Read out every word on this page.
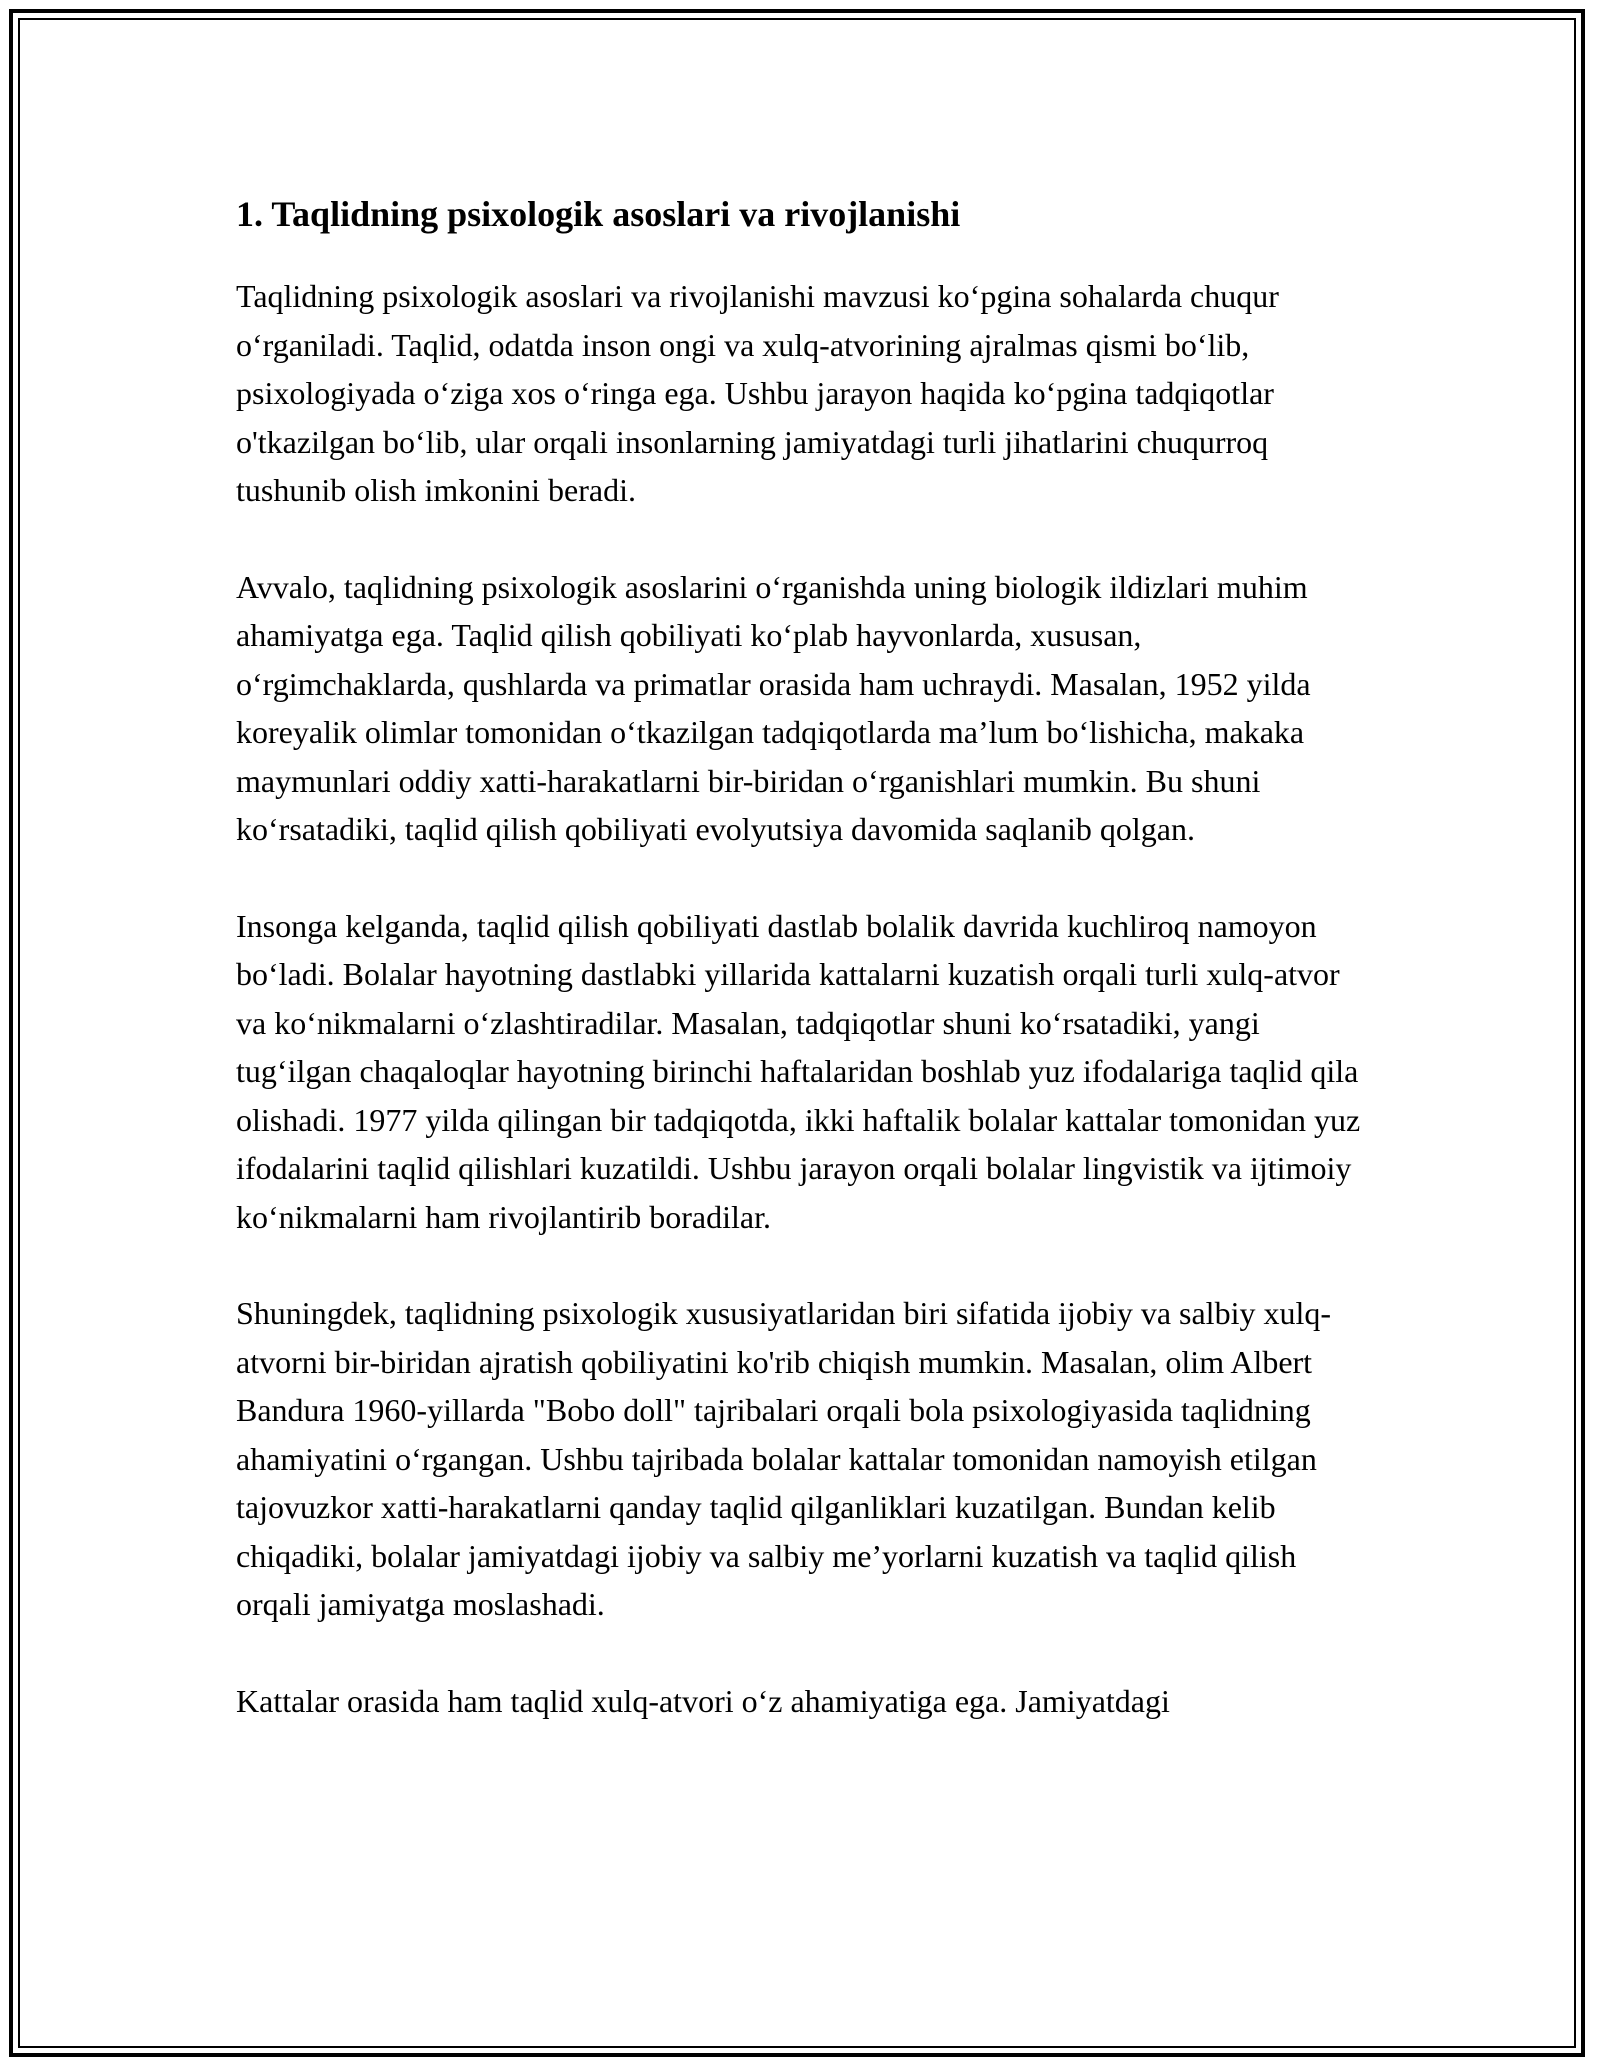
1. Taqlidning psixologik asoslari va rivojlanishi

Taqlidning psixologik asoslari va rivojlanishi mavzusi koʻpgina sohalarda chuqur oʻrganiladi. Taqlid, odatda inson ongi va xulq-atvorining ajralmas qismi boʻlib, psixologiyada oʻziga xos oʻringa ega. Ushbu jarayon haqida koʻpgina tadqiqotlar o'tkazilgan boʻlib, ular orqali insonlarning jamiyatdagi turli jihatlarini chuqurroq tushunib olish imkonini beradi.

Avvalo, taqlidning psixologik asoslarini oʻrganishda uning biologik ildizlari muhim ahamiyatga ega. Taqlid qilish qobiliyati koʻplab hayvonlarda, xususan, oʻrgimchaklarda, qushlarda va primatlar orasida ham uchraydi. Masalan, 1952 yilda koreyalik olimlar tomonidan oʻtkazilgan tadqiqotlarda maʼlum boʻlishicha, makaka maymunlari oddiy xatti-harakatlarni bir-biridan oʻrganishlari mumkin. Bu shuni koʻrsatadiki, taqlid qilish qobiliyati evolyutsiya davomida saqlanib qolgan.

Insonga kelganda, taqlid qilish qobiliyati dastlab bolalik davrida kuchliroq namoyon boʻladi. Bolalar hayotning dastlabki yillarida kattalarni kuzatish orqali turli xulq-atvor va koʻnikmalarni oʻzlashtiradilar. Masalan, tadqiqotlar shuni koʻrsatadiki, yangi tugʻilgan chaqaloqlar hayotning birinchi haftalaridan boshlab yuz ifodalariga taqlid qila olishadi. 1977 yilda qilingan bir tadqiqotda, ikki haftalik bolalar kattalar tomonidan yuz ifodalarini taqlid qilishlari kuzatildi. Ushbu jarayon orqali bolalar lingvistik va ijtimoiy koʻnikmalarni ham rivojlantirib boradilar.

Shuningdek, taqlidning psixologik xususiyatlaridan biri sifatida ijobiy va salbiy xulq-atvorni bir-biridan ajratish qobiliyatini ko'rib chiqish mumkin. Masalan, olim Albert Bandura 1960-yillarda "Bobo doll" tajribalari orqali bola psixologiyasida taqlidning ahamiyatini oʻrgangan. Ushbu tajribada bolalar kattalar tomonidan namoyish etilgan tajovuzkor xatti-harakatlarni qanday taqlid qilganliklari kuzatilgan. Bundan kelib chiqadiki, bolalar jamiyatdagi ijobiy va salbiy meʼyorlarni kuzatish va taqlid qilish orqali jamiyatga moslashadi.

Kattalar orasida ham taqlid xulq-atvori oʻz ahamiyatiga ega. Jamiyatdagi
